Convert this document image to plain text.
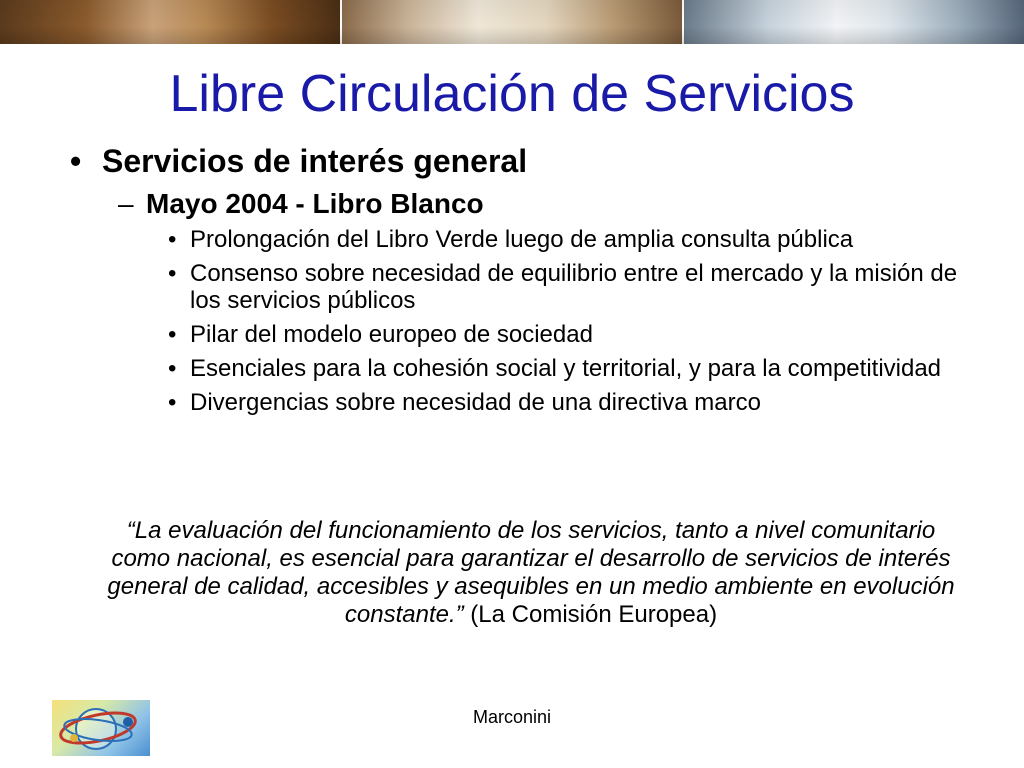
Libre Circulación de Servicios
• Servicios de interés general
– Mayo 2004 - Libro Blanco
• Prolongación del Libro Verde luego de amplia consulta pública
• Consenso sobre necesidad de equilibrio entre el mercado y la misión de los servicios públicos
• Pilar del modelo europeo de sociedad
• Esenciales para la cohesión social y territorial, y para la competitividad
• Divergencias sobre necesidad de una directiva marco

“La evaluación del funcionamiento de los servicios, tanto a nivel comunitario como nacional, es esencial para garantizar el desarrollo de servicios de interés general de calidad, accesibles y asequibles en un medio ambiente en evolución constante.” (La Comisión Europea)

Marconini
